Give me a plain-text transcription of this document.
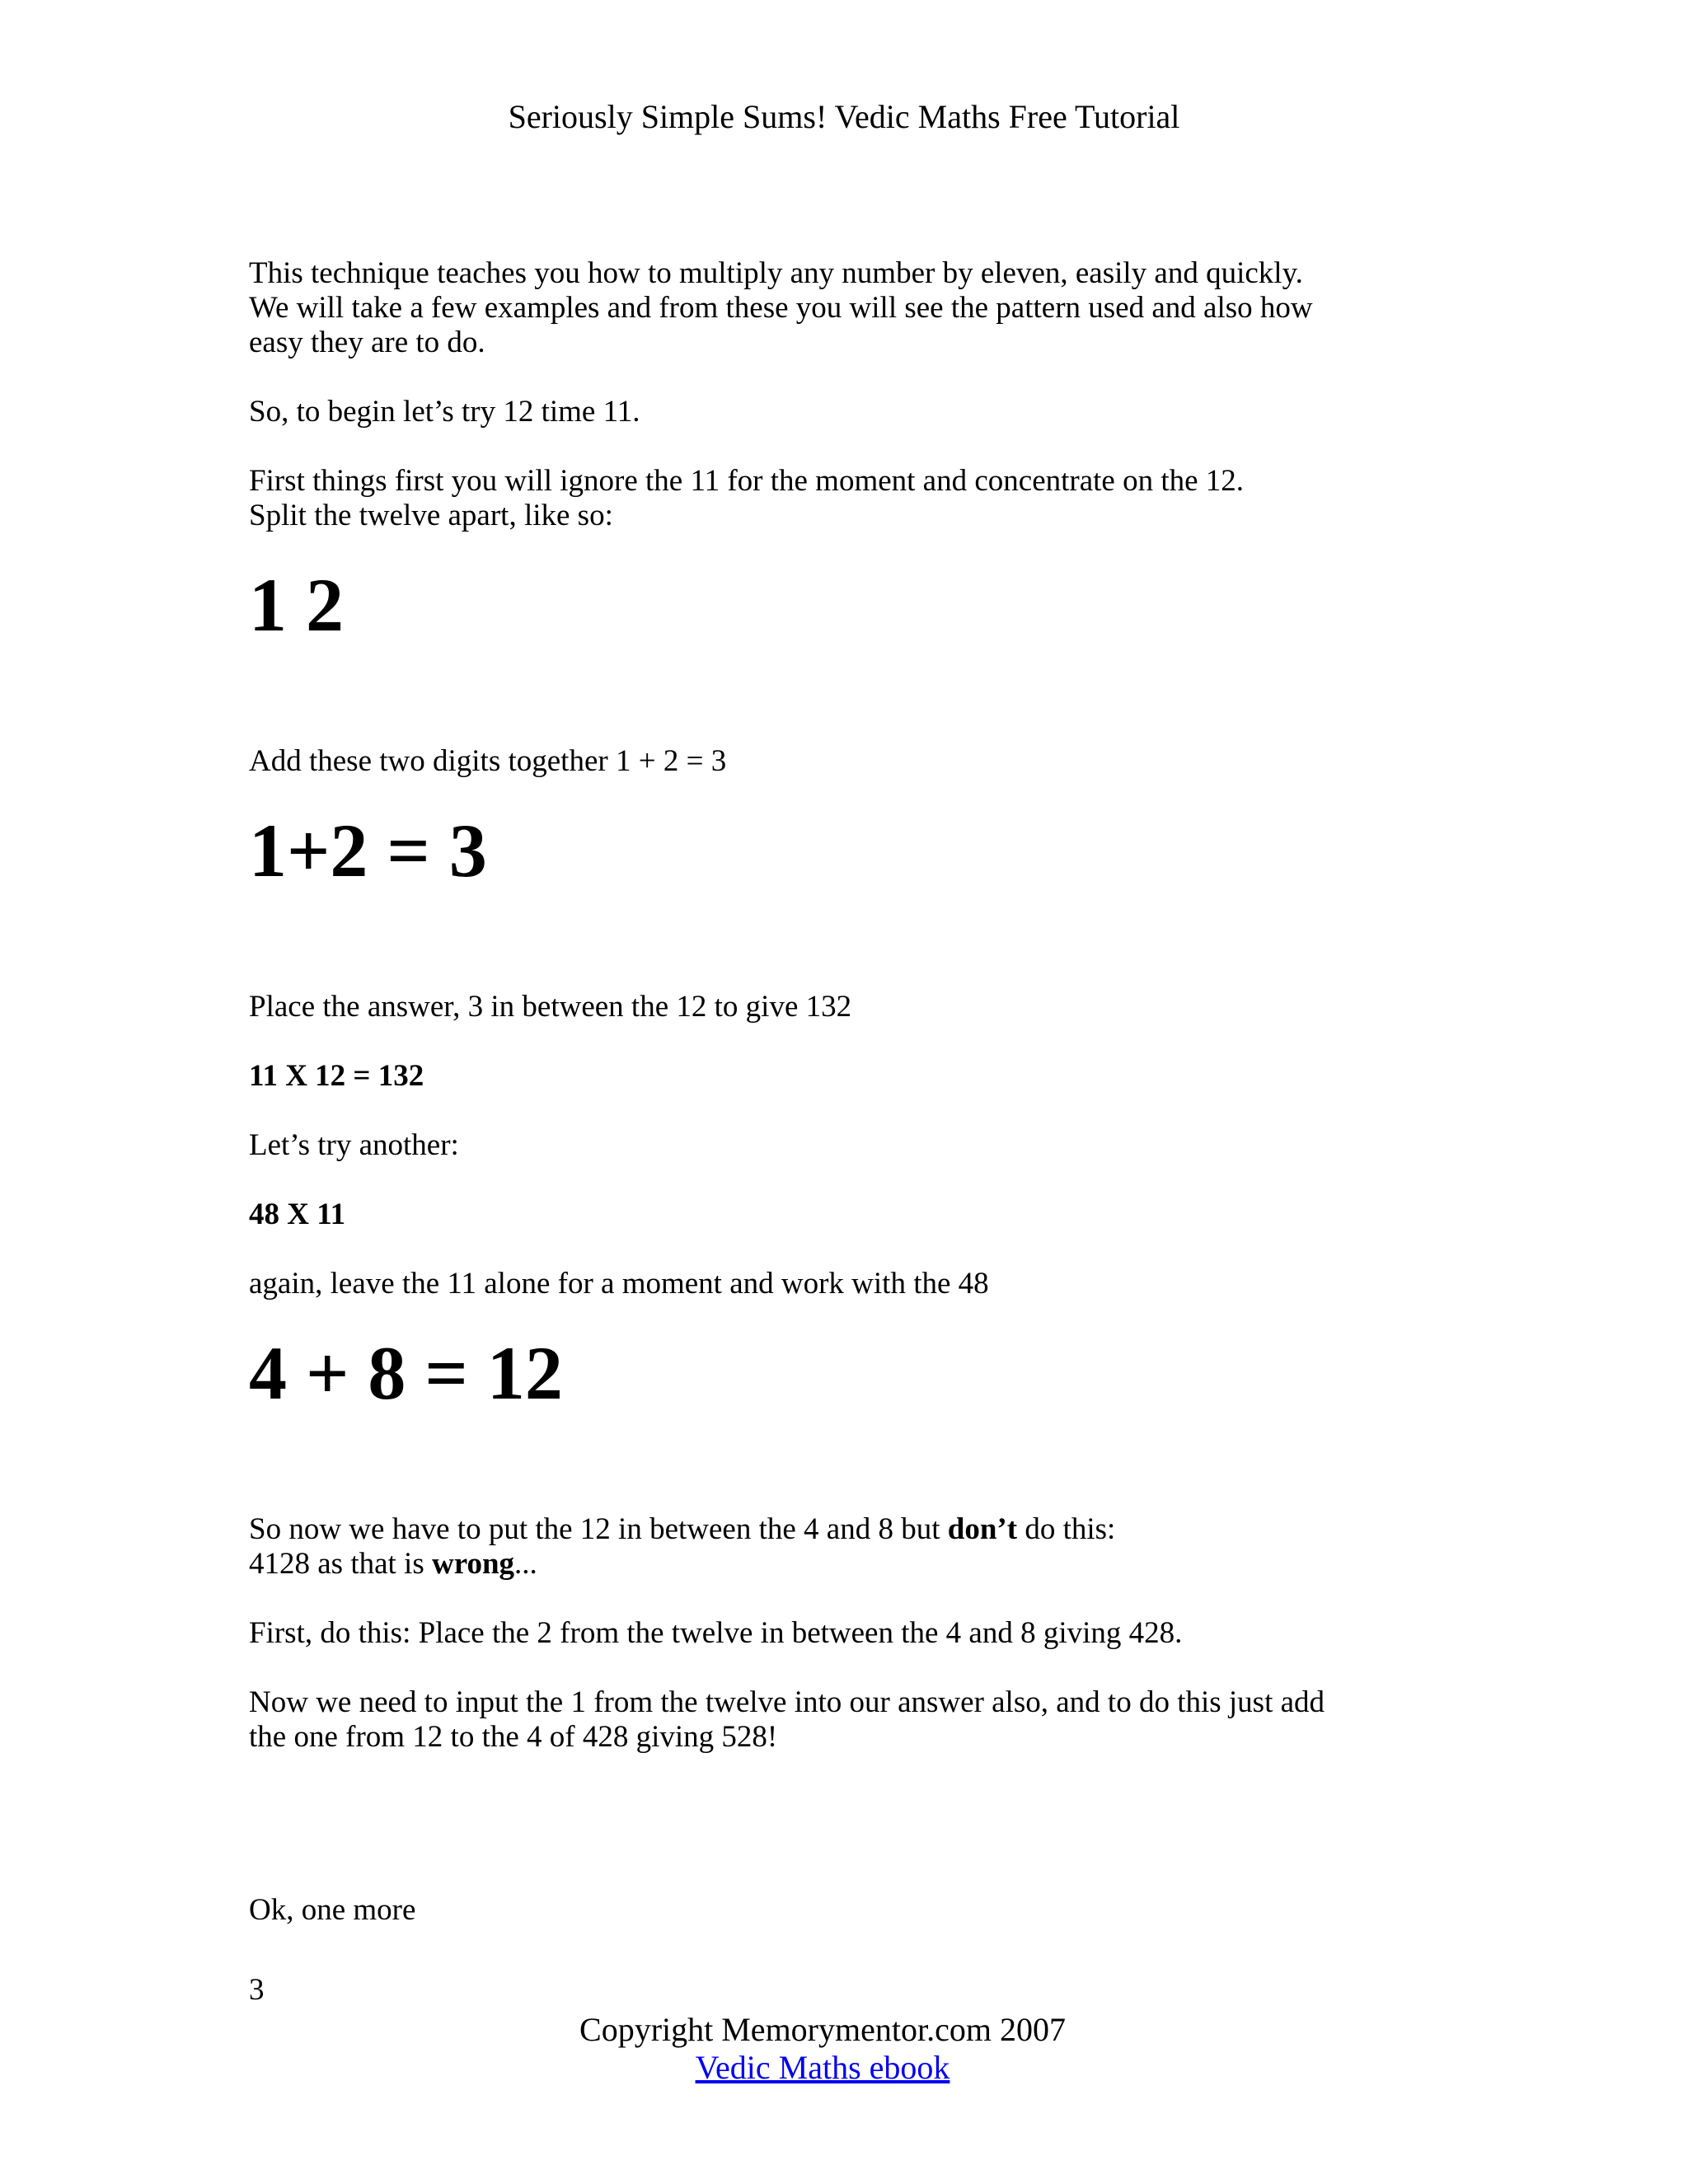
Seriously Simple Sums! Vedic Maths Free Tutorial

This technique teaches you how to multiply any number by eleven, easily and quickly.
We will take a few examples and from these you will see the pattern used and also how
easy they are to do.

So, to begin let’s try 12 time 11.

First things first you will ignore the 11 for the moment and concentrate on the 12.
Split the twelve apart, like so:

1 2

Add these two digits together 1 + 2 = 3

1+2 = 3

Place the answer, 3 in between the 12 to give 132

11 X 12 = 132

Let’s try another:

48 X 11

again, leave the 11 alone for a moment and work with the 48

4 + 8 = 12

So now we have to put the 12 in between the 4 and 8 but don’t do this:
4128 as that is wrong...

First, do this: Place the 2 from the twelve in between the 4 and 8 giving 428.

Now we need to input the 1 from the twelve into our answer also, and to do this just add
the one from 12 to the 4 of 428 giving 528!

Ok, one more

3
Copyright Memorymentor.com 2007
Vedic Maths ebook
